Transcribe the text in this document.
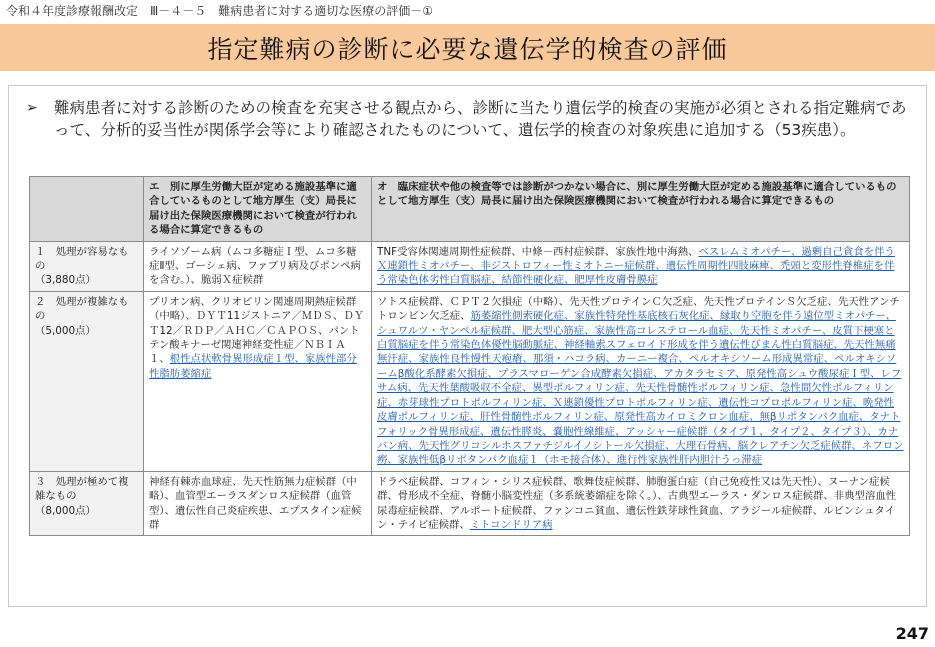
令和４年度診療報酬改定　Ⅲ－４－５　難病患者に対する適切な医療の評価－①
指定難病の診断に必要な遺伝学的検査の評価
➢	難病患者に対する診断のための検査を充実させる観点から、診断に当たり遺伝学的検査の実施が必須とされる指定難病であって、分析的妥当性が関係学会等により確認されたものについて、遺伝学的検査の対象疾患に追加する（53疾患）。
	エ　別に厚生労働大臣が定める施設基準に適合しているものとして地方厚生（支）局長に届け出た保険医療機関において検査が行われる場合に算定できるもの	オ　臨床症状や他の検査等では診断がつかない場合に、別に厚生労働大臣が定める施設基準に適合しているものとして地方厚生（支）局長に届け出た保険医療機関において検査が行われる場合に算定できるもの
１　処理が容易なもの
（3,880点）	ライソゾーム病（ムコ多糖症Ｉ型、ムコ多糖症Ⅱ型、ゴーシェ病、ファブリ病及びポンペ病を含む。）、脆弱Ｘ症候群	TNF受容体関連周期性症候群、中條－西村症候群、家族性地中海熱、ベスレムミオパチー、過剰自己貪食を伴うＸ連鎖性ミオパチー、非ジストロフィー性ミオトニー症候群、遺伝性周期性四肢麻痺、禿頭と変形性脊椎症を伴う常染色体劣性白質脳症、結節性硬化症、肥厚性皮膚骨膜症
２　処理が複雑なもの
（5,000点）	プリオン病、クリオピリン関連周期熱症候群（中略）、ＤＹＴ11ジストニア／ＭＤＳ、ＤＹＴ12／ＲＤＰ／ＡＨＣ／ＣＡＰＯＳ、パントテン酸キナーゼ関連神経変性症／ＮＢＩＡ１、根性点状軟骨異形成症１型、家族性部分性脂肪萎縮症	ソトス症候群、ＣＰＴ２欠損症（中略）、先天性プロテインＣ欠乏症、先天性プロテインＳ欠乏症、先天性アンチトロンビン欠乏症、筋萎縮性側索硬化症、家族性特発性基底核石灰化症、縁取り空胞を伴う遠位型ミオパチー、シュワルツ・ヤンペル症候群、肥大型心筋症、家族性高コレステロール血症、先天性ミオパチー、皮質下梗塞と白質脳症を伴う常染色体優性脳動脈症、神経軸索スフェロイド形成を伴う遺伝性びまん性白質脳症、先天性無痛無汗症、家族性良性慢性天疱瘡、那須・ハコラ病、カーニー複合、ペルオキシソーム形成異常症、ペルオキシソームβ酸化系酵素欠損症、プラスマローゲン合成酵素欠損症、アカタラセミア、原発性高シュウ酸尿症Ｉ型、レフサム病、先天性葉酸吸収不全症、異型ポルフィリン症、先天性骨髄性ポルフィリン症、急性間欠性ポルフィリン症、赤芽球性プロトポルフィリン症、Ｘ連鎖優性プロトポルフィリン症、遺伝性コプロポルフィリン症、晩発性皮膚ポルフィリン症、肝性骨髄性ポルフィリン症、原発性高カイロミクロン血症、無βリポタンパク血症、タナトフォリック骨異形成症、遺伝性膵炎、嚢胞性線維症、アッシャー症候群（タイプ１、タイプ２、タイプ３）、カナバン病、先天性グリコシルホスファチジルイノシトール欠損症、大理石骨病、脳クレアチン欠乏症候群、ネフロン癆、家族性低βリポタンパク血症１（ホモ接合体）、進行性家族性肝内胆汁うっ滞症
３　処理が極めて複雑なもの
（8,000点）	神経有棘赤血球症、先天性筋無力症候群（中略）、血管型エーラスダンロス症候群（血管型）、遺伝性自己炎症疾患、エプスタイン症候群	ドラベ症候群、コフィン・シリス症候群、歌舞伎症候群、肺胞蛋白症（自己免疫性又は先天性）、ヌーナン症候群、骨形成不全症、脊髄小脳変性症（多系統萎縮症を除く。）、古典型エーラス・ダンロス症候群、非典型溶血性尿毒症症候群、アルポート症候群、ファンコニ貧血、遺伝性鉄芽球性貧血、アラジール症候群、ルビンシュタイン・テイビ症候群、ミトコンドリア病
247
